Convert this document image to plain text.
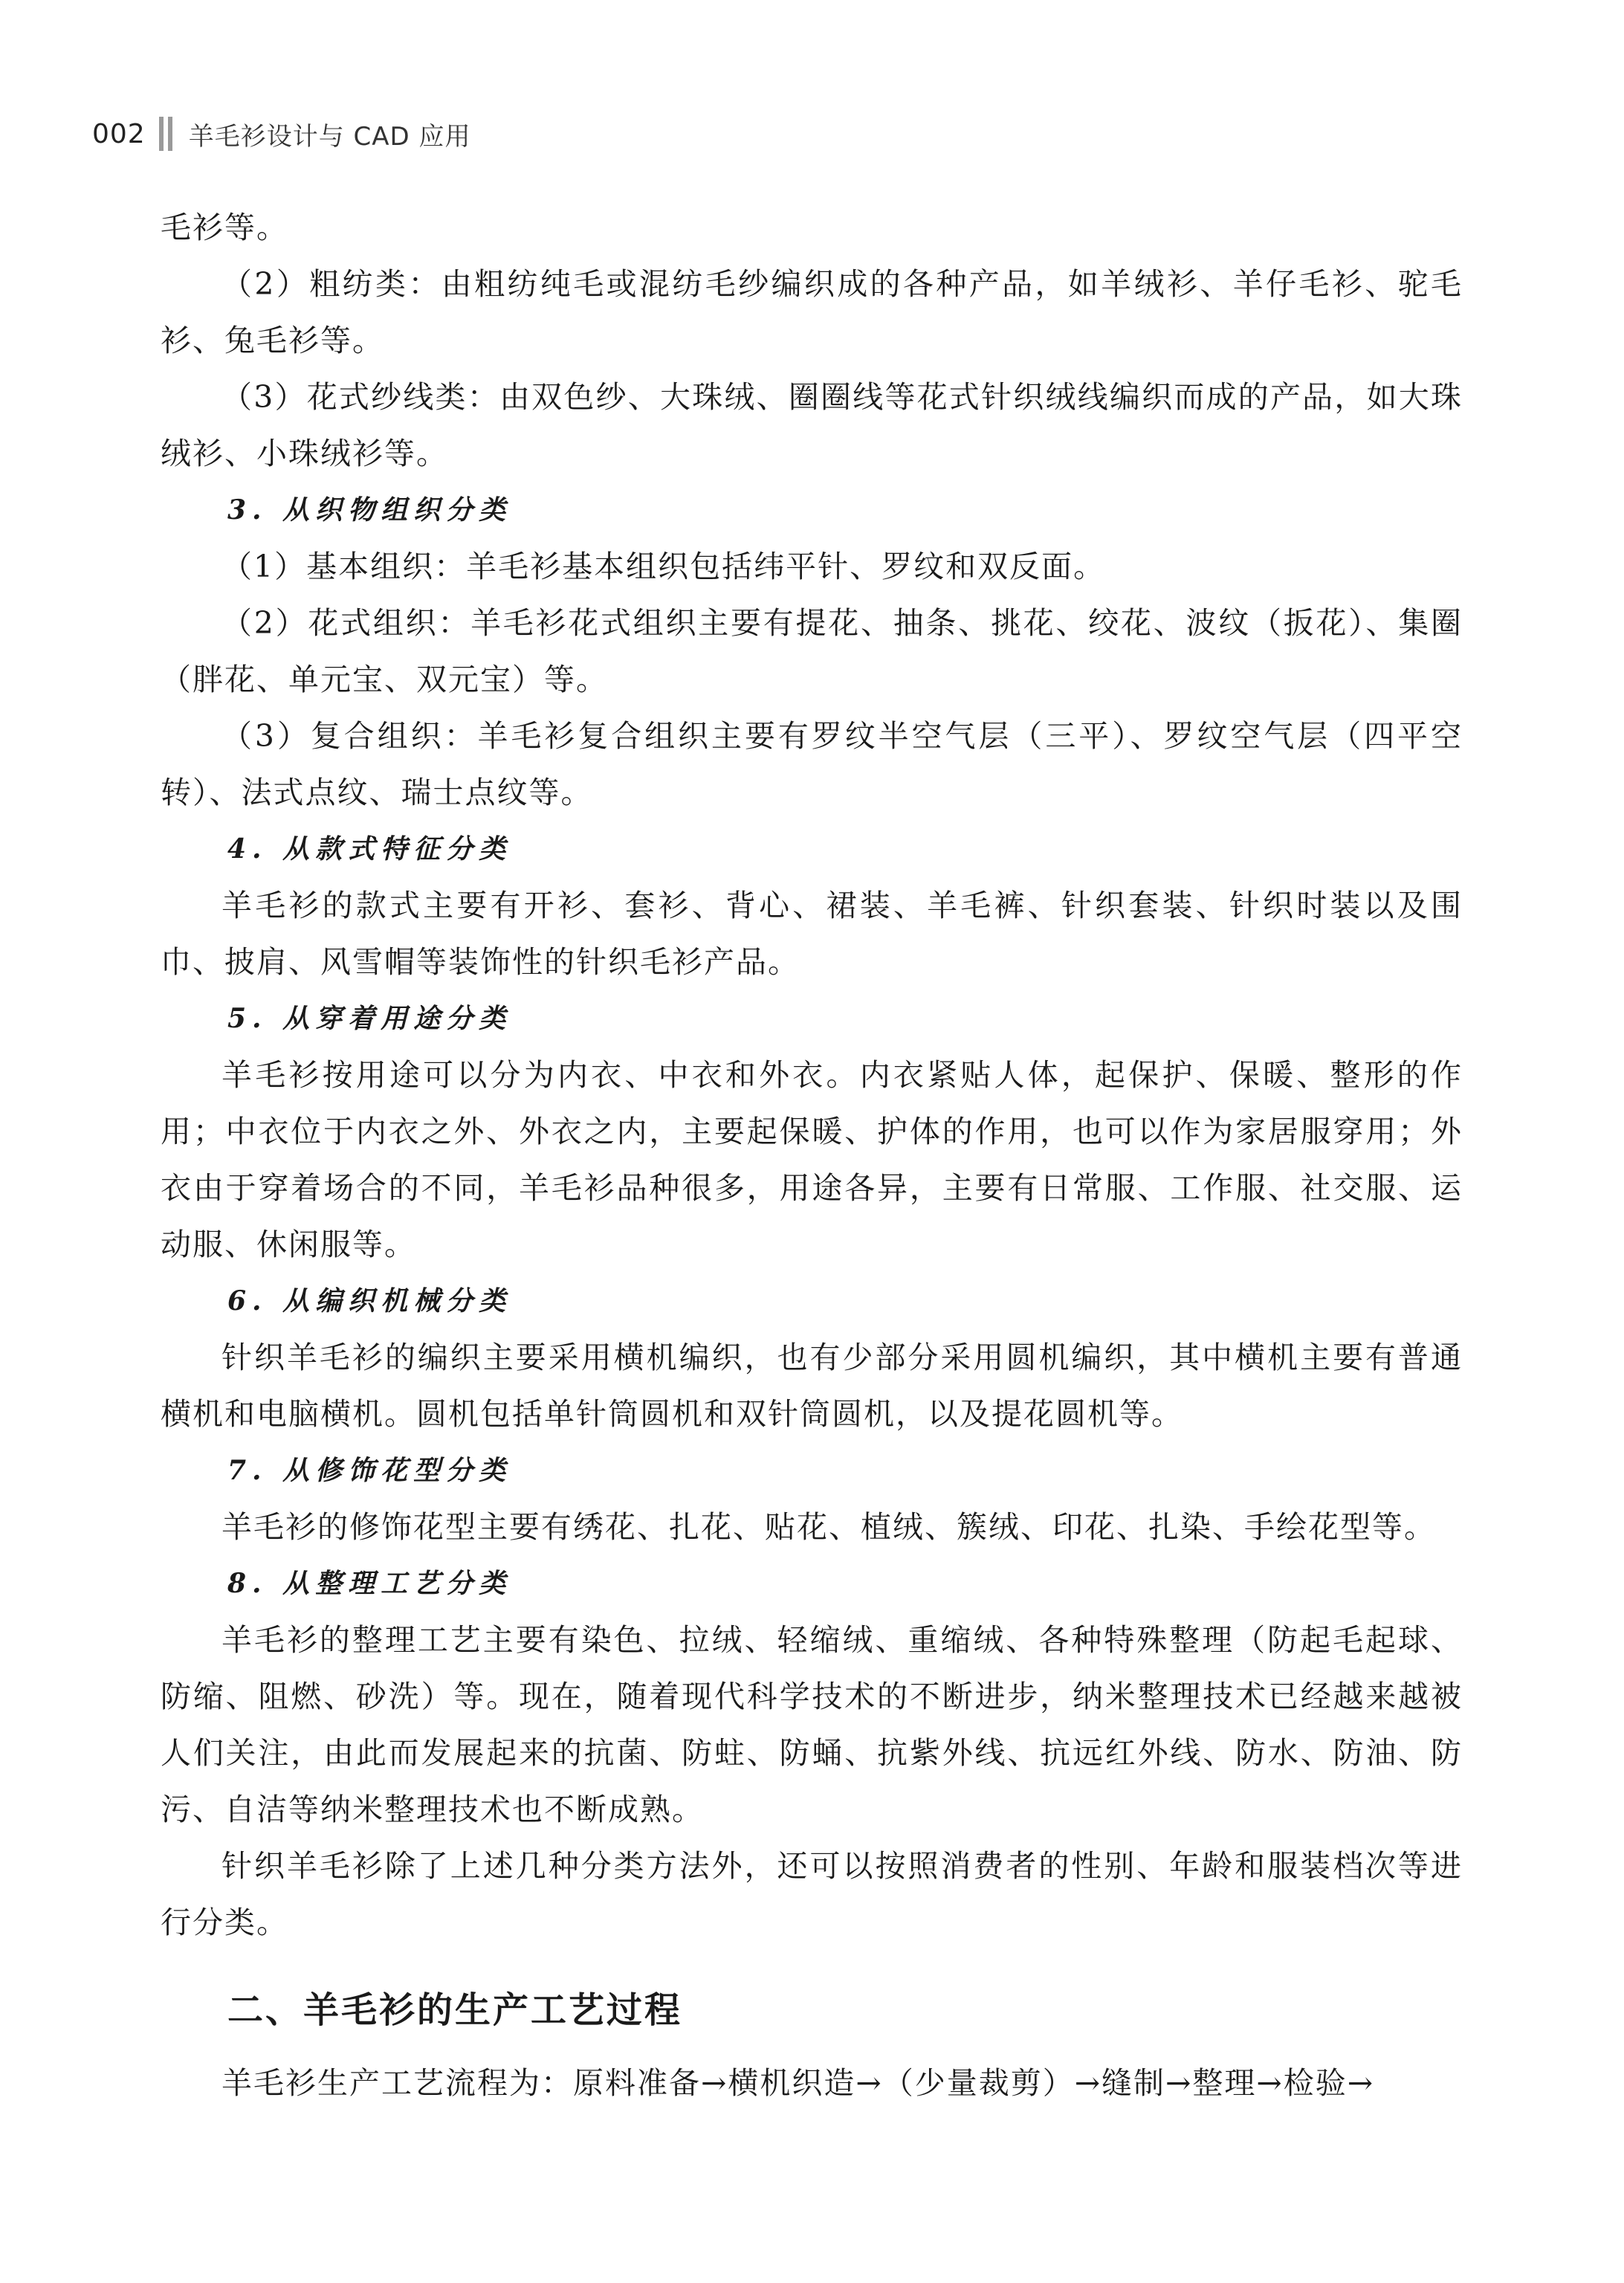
002 羊毛衫设计与 CAD 应用

毛衫等。

（2）粗纺类：由粗纺纯毛或混纺毛纱编织成的各种产品，如羊绒衫、羊仔毛衫、驼毛衫、兔毛衫等。

（3）花式纱线类：由双色纱、大珠绒、圈圈线等花式针织绒线编织而成的产品，如大珠绒衫、小珠绒衫等。

3. 从织物组织分类

（1）基本组织：羊毛衫基本组织包括纬平针、罗纹和双反面。

（2）花式组织：羊毛衫花式组织主要有提花、抽条、挑花、绞花、波纹（扳花）、集圈（胖花、单元宝、双元宝）等。

（3）复合组织：羊毛衫复合组织主要有罗纹半空气层（三平）、罗纹空气层（四平空转）、法式点纹、瑞士点纹等。

4. 从款式特征分类

羊毛衫的款式主要有开衫、套衫、背心、裙装、羊毛裤、针织套装、针织时装以及围巾、披肩、风雪帽等装饰性的针织毛衫产品。

5. 从穿着用途分类

羊毛衫按用途可以分为内衣、中衣和外衣。内衣紧贴人体，起保护、保暖、整形的作用；中衣位于内衣之外、外衣之内，主要起保暖、护体的作用，也可以作为家居服穿用；外衣由于穿着场合的不同，羊毛衫品种很多，用途各异，主要有日常服、工作服、社交服、运动服、休闲服等。

6. 从编织机械分类

针织羊毛衫的编织主要采用横机编织，也有少部分采用圆机编织，其中横机主要有普通横机和电脑横机。圆机包括单针筒圆机和双针筒圆机，以及提花圆机等。

7. 从修饰花型分类

羊毛衫的修饰花型主要有绣花、扎花、贴花、植绒、簇绒、印花、扎染、手绘花型等。

8. 从整理工艺分类

羊毛衫的整理工艺主要有染色、拉绒、轻缩绒、重缩绒、各种特殊整理（防起毛起球、防缩、阻燃、砂洗）等。现在，随着现代科学技术的不断进步，纳米整理技术已经越来越被人们关注，由此而发展起来的抗菌、防蛀、防蛹、抗紫外线、抗远红外线、防水、防油、防污、自洁等纳米整理技术也不断成熟。

针织羊毛衫除了上述几种分类方法外，还可以按照消费者的性别、年龄和服装档次等进行分类。

二、羊毛衫的生产工艺过程

羊毛衫生产工艺流程为：原料准备→横机织造→（少量裁剪）→缝制→整理→检验→
